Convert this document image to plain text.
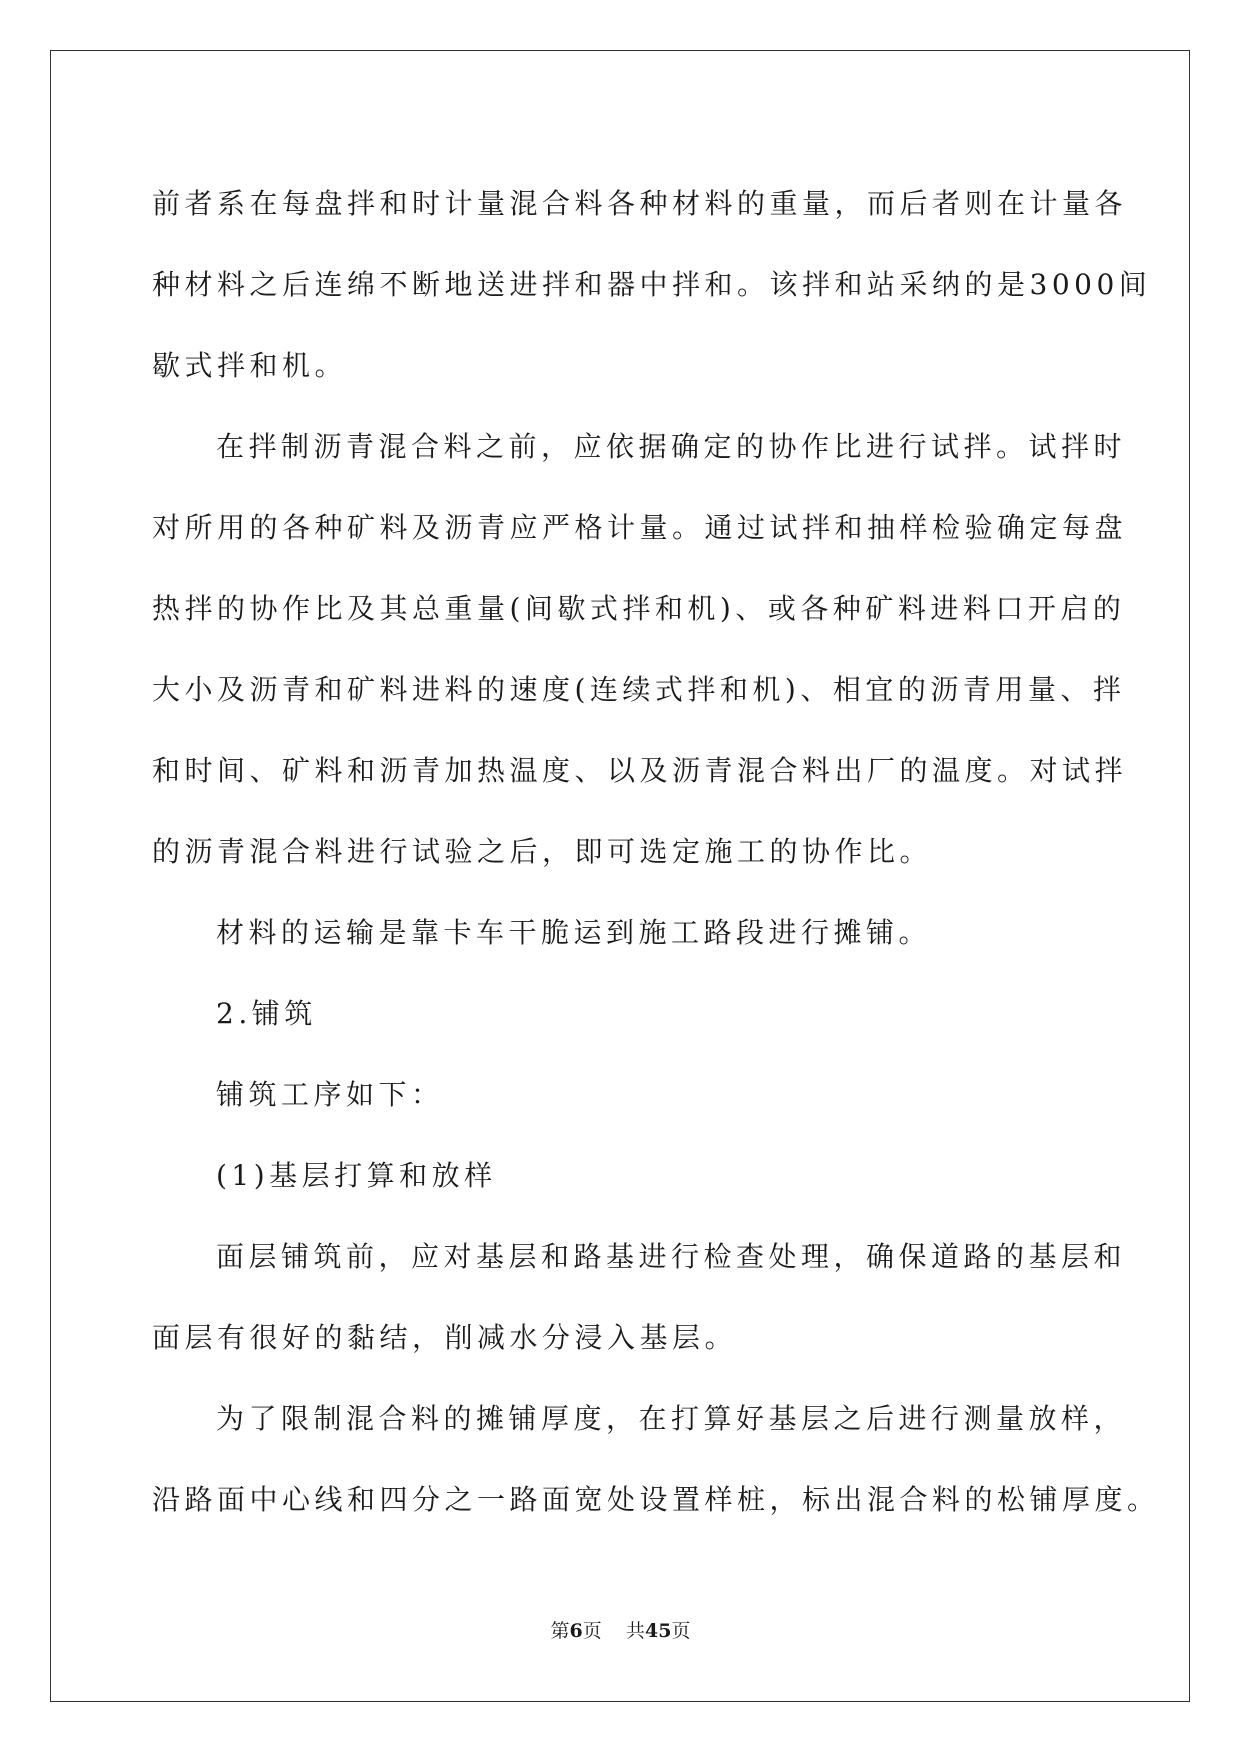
前者系在每盘拌和时计量混合料各种材料的重量，而后者则在计量各
种材料之后连绵不断地送进拌和器中拌和。该拌和站采纳的是3000间
歇式拌和机。
在拌制沥青混合料之前，应依据确定的协作比进行试拌。试拌时
对所用的各种矿料及沥青应严格计量。通过试拌和抽样检验确定每盘
热拌的协作比及其总重量(间歇式拌和机)、或各种矿料进料口开启的
大小及沥青和矿料进料的速度(连续式拌和机)、相宜的沥青用量、拌
和时间、矿料和沥青加热温度、以及沥青混合料出厂的温度。对试拌
的沥青混合料进行试验之后，即可选定施工的协作比。
材料的运输是靠卡车干脆运到施工路段进行摊铺。
2.铺筑
铺筑工序如下：
(1)基层打算和放样
面层铺筑前，应对基层和路基进行检查处理，确保道路的基层和
面层有很好的黏结，削减水分浸入基层。
为了限制混合料的摊铺厚度，在打算好基层之后进行测量放样，
沿路面中心线和四分之一路面宽处设置样桩，标出混合料的松铺厚度。
第6页 共45页
